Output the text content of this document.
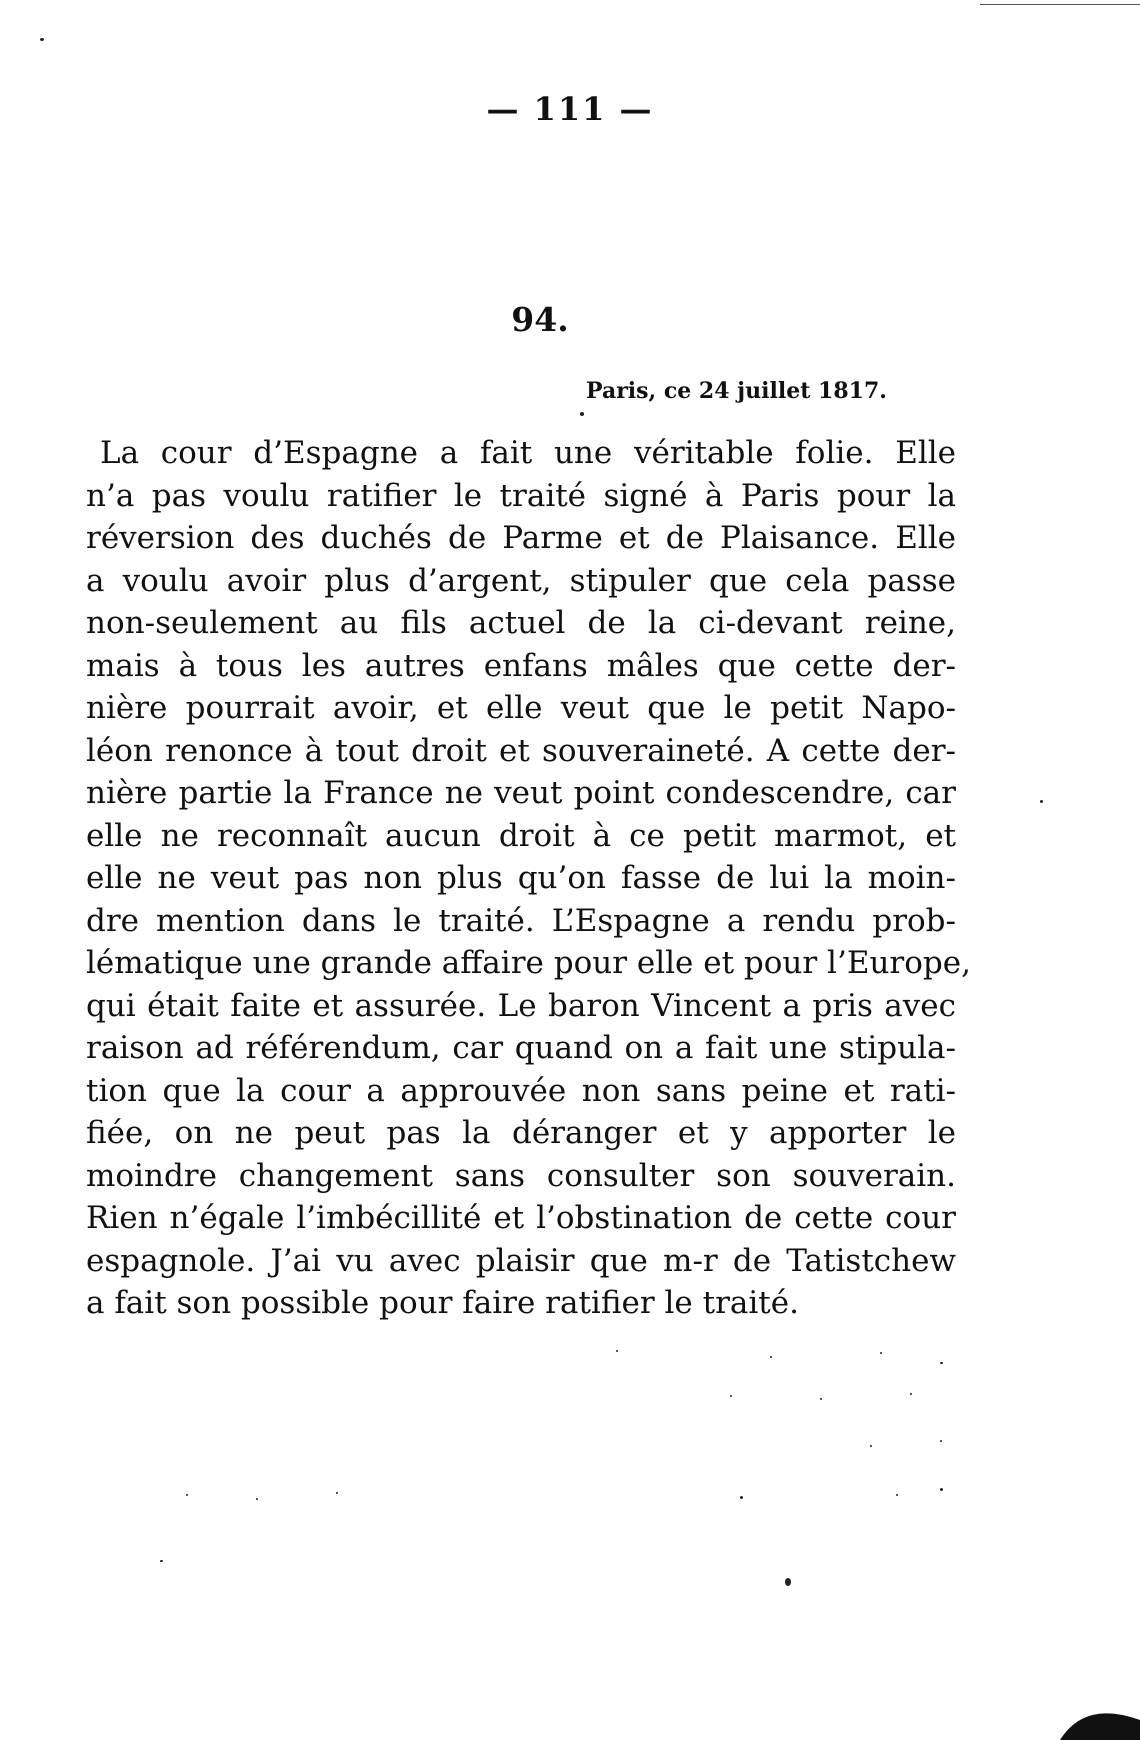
— 111 —
94.
Paris, ce 24 juillet 1817.
La cour d’Espagne a fait une véritable folie. Elle
n’a pas voulu ratifier le traité signé à Paris pour la
réversion des duchés de Parme et de Plaisance. Elle
a voulu avoir plus d’argent, stipuler que cela passe
non-seulement au fils actuel de la ci-devant reine,
mais à tous les autres enfans mâles que cette der-
nière pourrait avoir, et elle veut que le petit Napo-
léon renonce à tout droit et souveraineté. A cette der-
nière partie la France ne veut point condescendre, car
elle ne reconnaît aucun droit à ce petit marmot, et
elle ne veut pas non plus qu’on fasse de lui la moin-
dre mention dans le traité. L’Espagne a rendu prob-
lématique une grande affaire pour elle et pour l’Europe,
qui était faite et assurée. Le baron Vincent a pris avec
raison ad référendum, car quand on a fait une stipula-
tion que la cour a approuvée non sans peine et rati-
fiée, on ne peut pas la déranger et y apporter le
moindre changement sans consulter son souverain.
Rien n’égale l’imbécillité et l’obstination de cette cour
espagnole. J’ai vu avec plaisir que m-r de Tatistchew
a fait son possible pour faire ratifier le traité.
